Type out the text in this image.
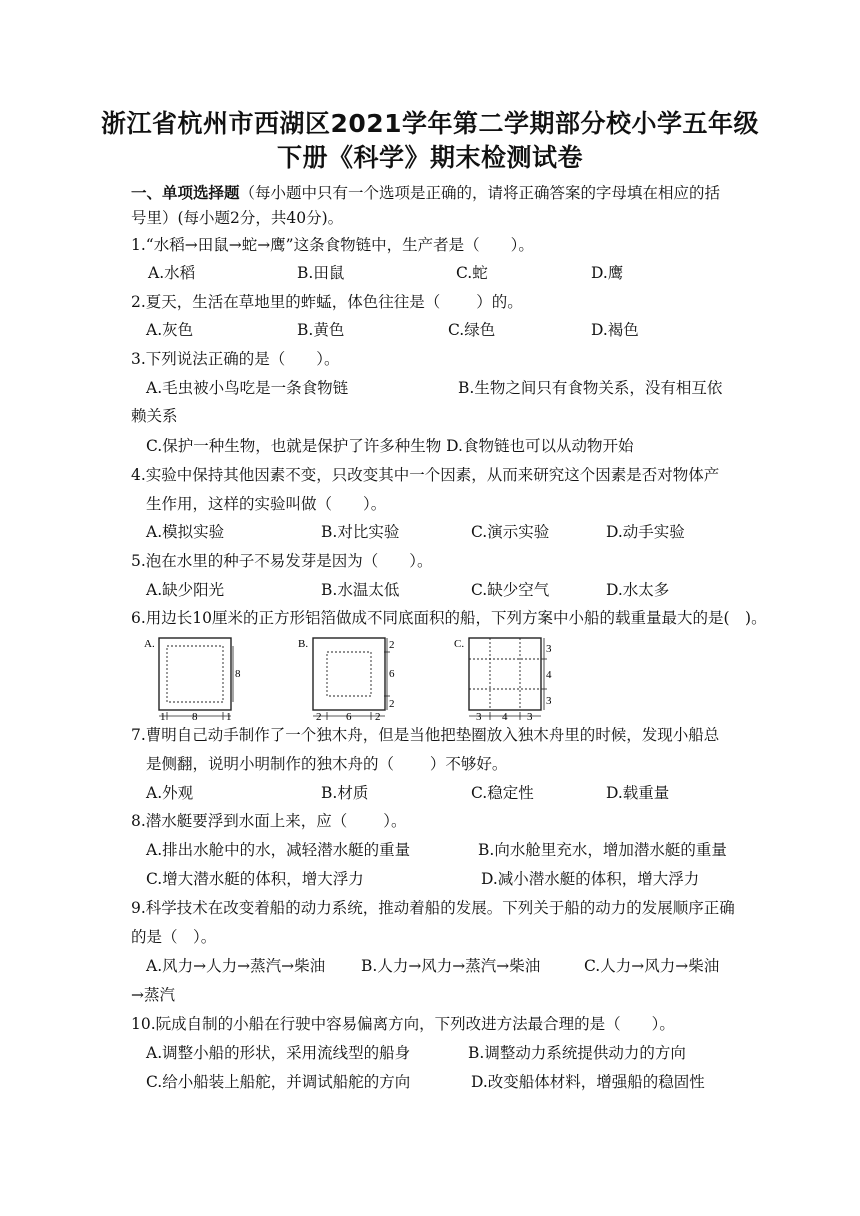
浙江省杭州市西湖区2021学年第二学期部分校小学五年级
下册《科学》期末检测试卷
一、单项选择题（每小题中只有一个选项是正确的，请将正确答案的字母填在相应的括
号里）(每小题2分，共40分)。
1.“水稻→田鼠→蛇→鹰”这条食物链中，生产者是（　　）。
A.水稻	B.田鼠	C.蛇	D.鹰
2.夏天，生活在草地里的蚱蜢，体色往往是（　　 ）的。
A.灰色	B.黄色	C.绿色	D.褐色
3.下列说法正确的是（　　）。
A.毛虫被小鸟吃是一条食物链	B.生物之间只有食物关系，没有相互依
赖关系
C.保护一种生物，也就是保护了许多种生物 D.食物链也可以从动物开始
4.实验中保持其他因素不变，只改变其中一个因素，从而来研究这个因素是否对物体产
生作用，这样的实验叫做（　　）。
A.模拟实验	B.对比实验	C.演示实验	D.动手实验
5.泡在水里的种子不易发芽是因为（　　）。
A.缺少阳光	B.水温太低	C.缺少空气	D.水太多
6.用边长10厘米的正方形铝箔做成不同底面积的船，下列方案中小船的载重量最大的是(　)。
A.
8
1 8	1
B.	2
6
2
2 6 2
C.	3
4
3
3 4 3
7.曹明自己动手制作了一个独木舟，但是当他把垫圈放入独木舟里的时候，发现小船总
是侧翻，说明小明制作的独木舟的（　　 ）不够好。
A.外观	B.材质	C.稳定性	D.载重量
8.潜水艇要浮到水面上来，应（　　 ）。
A.排出水舱中的水，减轻潜水艇的重量	B.向水舱里充水，增加潜水艇的重量
C.增大潜水艇的体积，增大浮力	D.减小潜水艇的体积，增大浮力
9.科学技术在改变着船的动力系统，推动着船的发展。下列关于船的动力的发展顺序正确
的是（　）。
A.风力→人力→蒸汽→柴油 B.人力→风力→蒸汽→柴油	C.人力→风力→柴油
→蒸汽
10.阮成自制的小船在行驶中容易偏离方向，下列改进方法最合理的是（　　）。
A.调整小船的形状，采用流线型的船身	B.调整动力系统提供动力的方向
C.给小船装上船舵，并调试船舵的方向	D.改变船体材料，增强船的稳固性
